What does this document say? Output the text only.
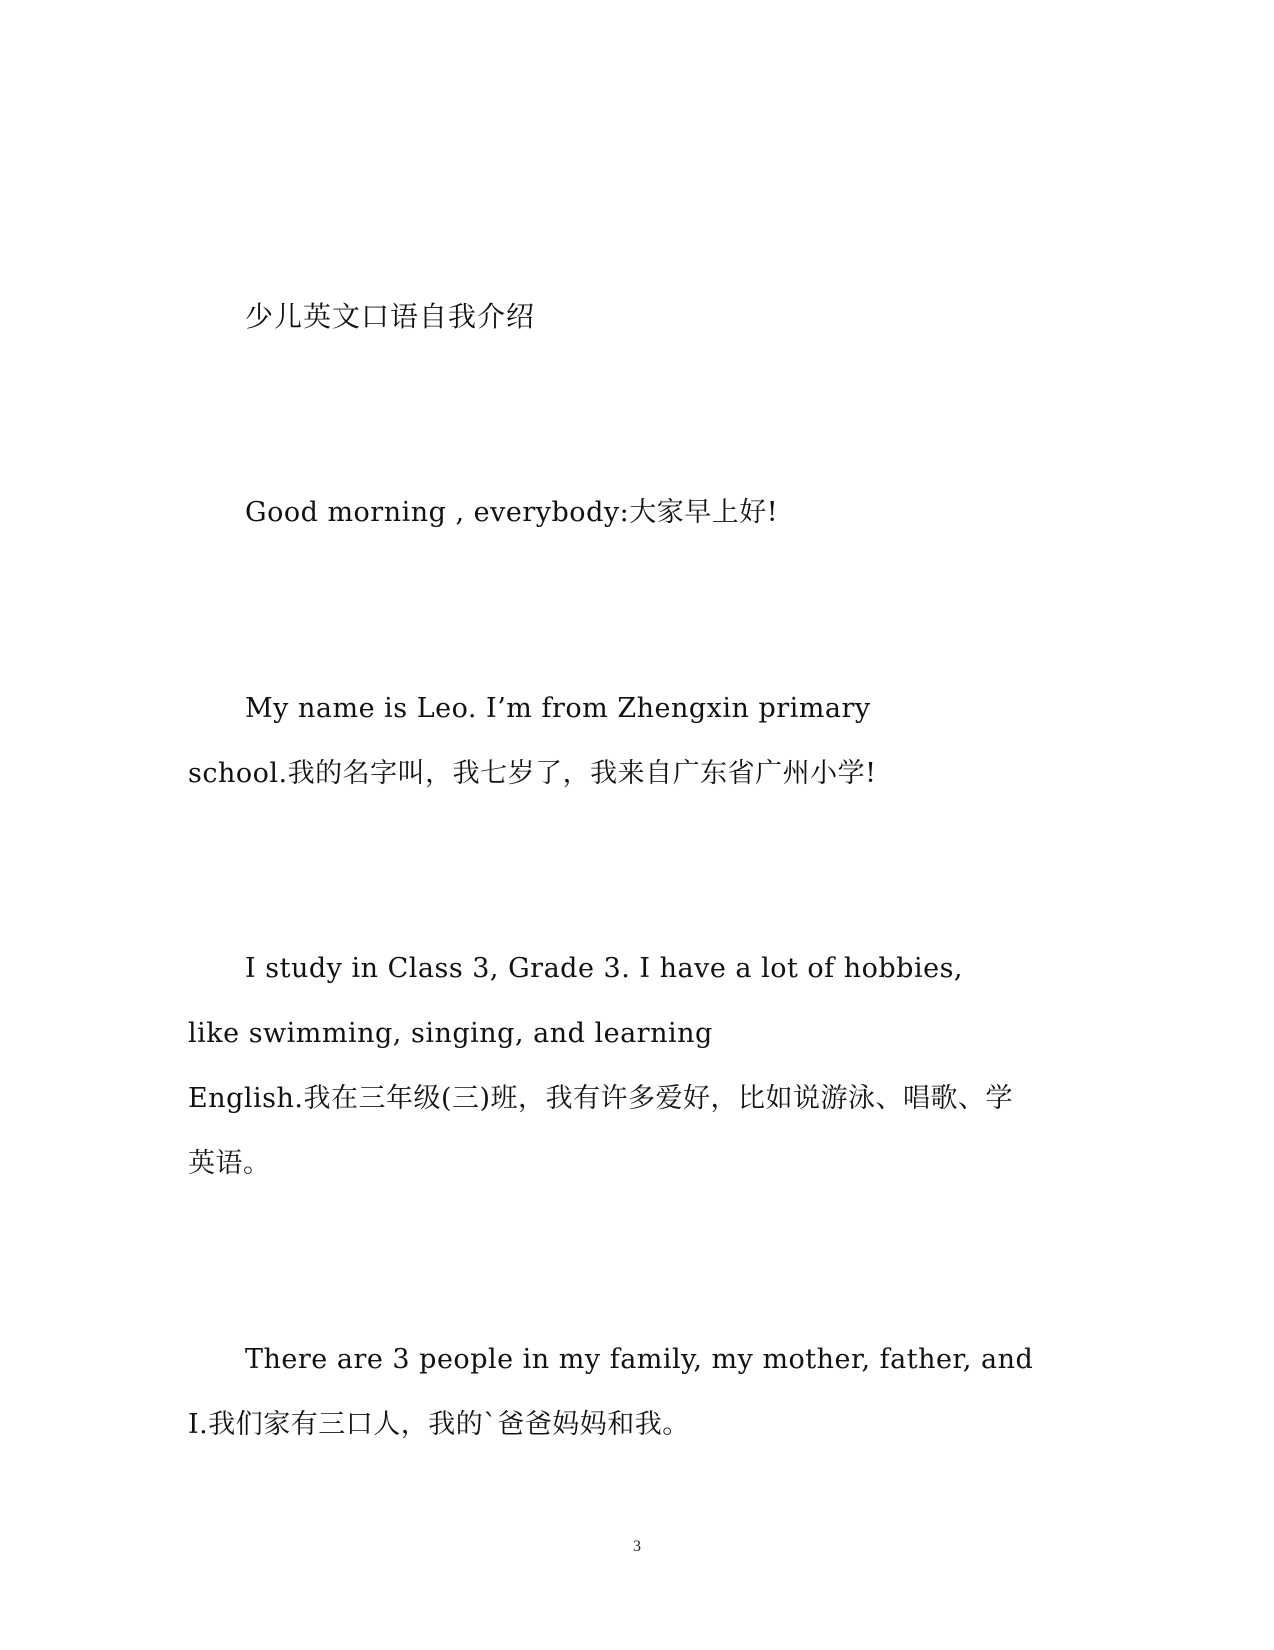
少儿英文口语自我介绍
Good morning , everybody:大家早上好!
My name is Leo. I’m from Zhengxin primary
school.我的名字叫，我七岁了，我来自广东省广州小学!
I study in Class 3, Grade 3. I have a lot of hobbies,
like swimming, singing, and learning
English.我在三年级(三)班，我有许多爱好，比如说游泳、唱歌、学
英语。
There are 3 people in my family, my mother, father, and
I.我们家有三口人，我的`爸爸妈妈和我。
3
